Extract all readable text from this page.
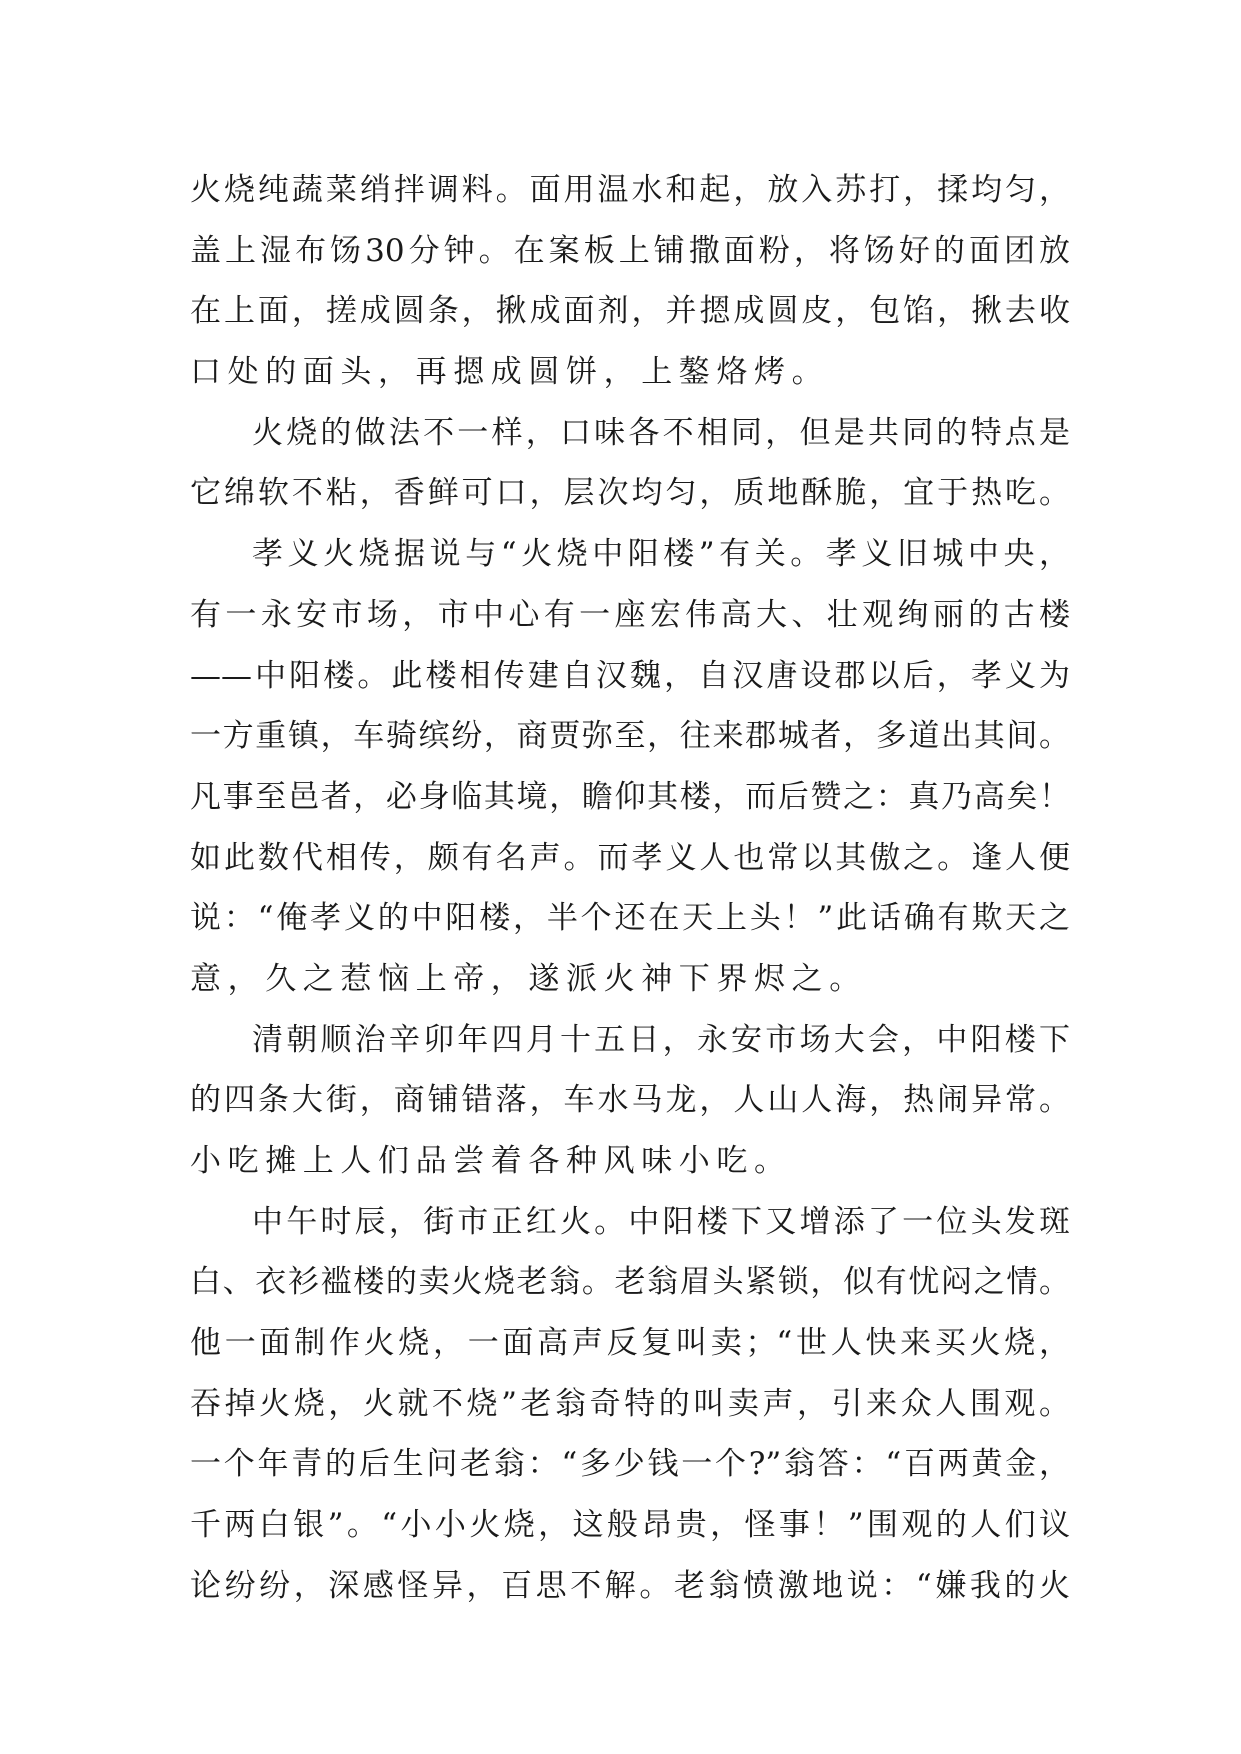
火烧纯蔬菜绡拌调料。面用温水和起，放入苏打，揉均匀，
盖上湿布饧30分钟。在案板上铺撒面粉，将饧好的面团放
在上面，搓成圆条，揪成面剂，并摁成圆皮，包馅，揪去收
口处的面头，再摁成圆饼，上鏊烙烤。
火烧的做法不一样，口味各不相同，但是共同的特点是
它绵软不粘，香鲜可口，层次均匀，质地酥脆，宜于热吃。
孝义火烧据说与“火烧中阳楼”有关。孝义旧城中央，
有一永安市场，市中心有一座宏伟高大、壮观绚丽的古楼
——中阳楼。此楼相传建自汉魏，自汉唐设郡以后，孝义为
一方重镇，车骑缤纷，商贾弥至，往来郡城者，多道出其间。
凡事至邑者，必身临其境，瞻仰其楼，而后赞之：真乃高矣！
如此数代相传，颇有名声。而孝义人也常以其傲之。逢人便
说：“俺孝义的中阳楼，半个还在天上头！”此话确有欺天之
意，久之惹恼上帝，遂派火神下界烬之。
清朝顺治辛卯年四月十五日，永安市场大会，中阳楼下
的四条大街，商铺错落，车水马龙，人山人海，热闹异常。
小吃摊上人们品尝着各种风味小吃。
中午时辰，街市正红火。中阳楼下又增添了一位头发斑
白、衣衫褴楼的卖火烧老翁。老翁眉头紧锁，似有忧闷之情。
他一面制作火烧，一面高声反复叫卖；“世人快来买火烧，
吞掉火烧，火就不烧”老翁奇特的叫卖声，引来众人围观。
一个年青的后生问老翁：“多少钱一个?”翁答：“百两黄金，
千两白银”。“小小火烧，这般昂贵，怪事！”围观的人们议
论纷纷，深感怪异，百思不解。老翁愤激地说：“嫌我的火
